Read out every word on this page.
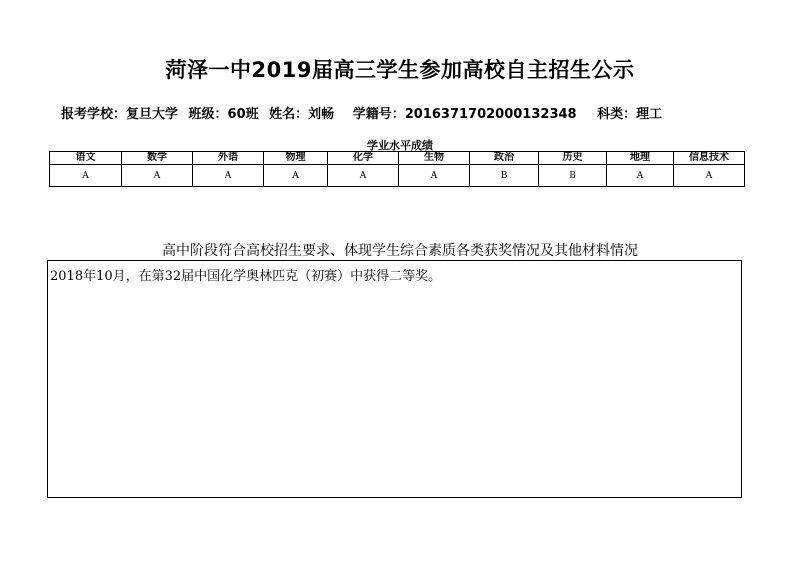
菏泽一中2019届高三学生参加高校自主招生公示
报考学校：复旦大学 班级：60班 姓名：刘畅 学籍号：2016371702000132348 科类：理工
学业水平成绩
语文	数学	外语	物理	化学	生物	政治	历史	地理	信息技术
A	A	A	A	A	A	B	B	A	A
高中阶段符合高校招生要求、体现学生综合素质各类获奖情况及其他材料情况
2018年10月，在第32届中国化学奥林匹克（初赛）中获得二等奖。
